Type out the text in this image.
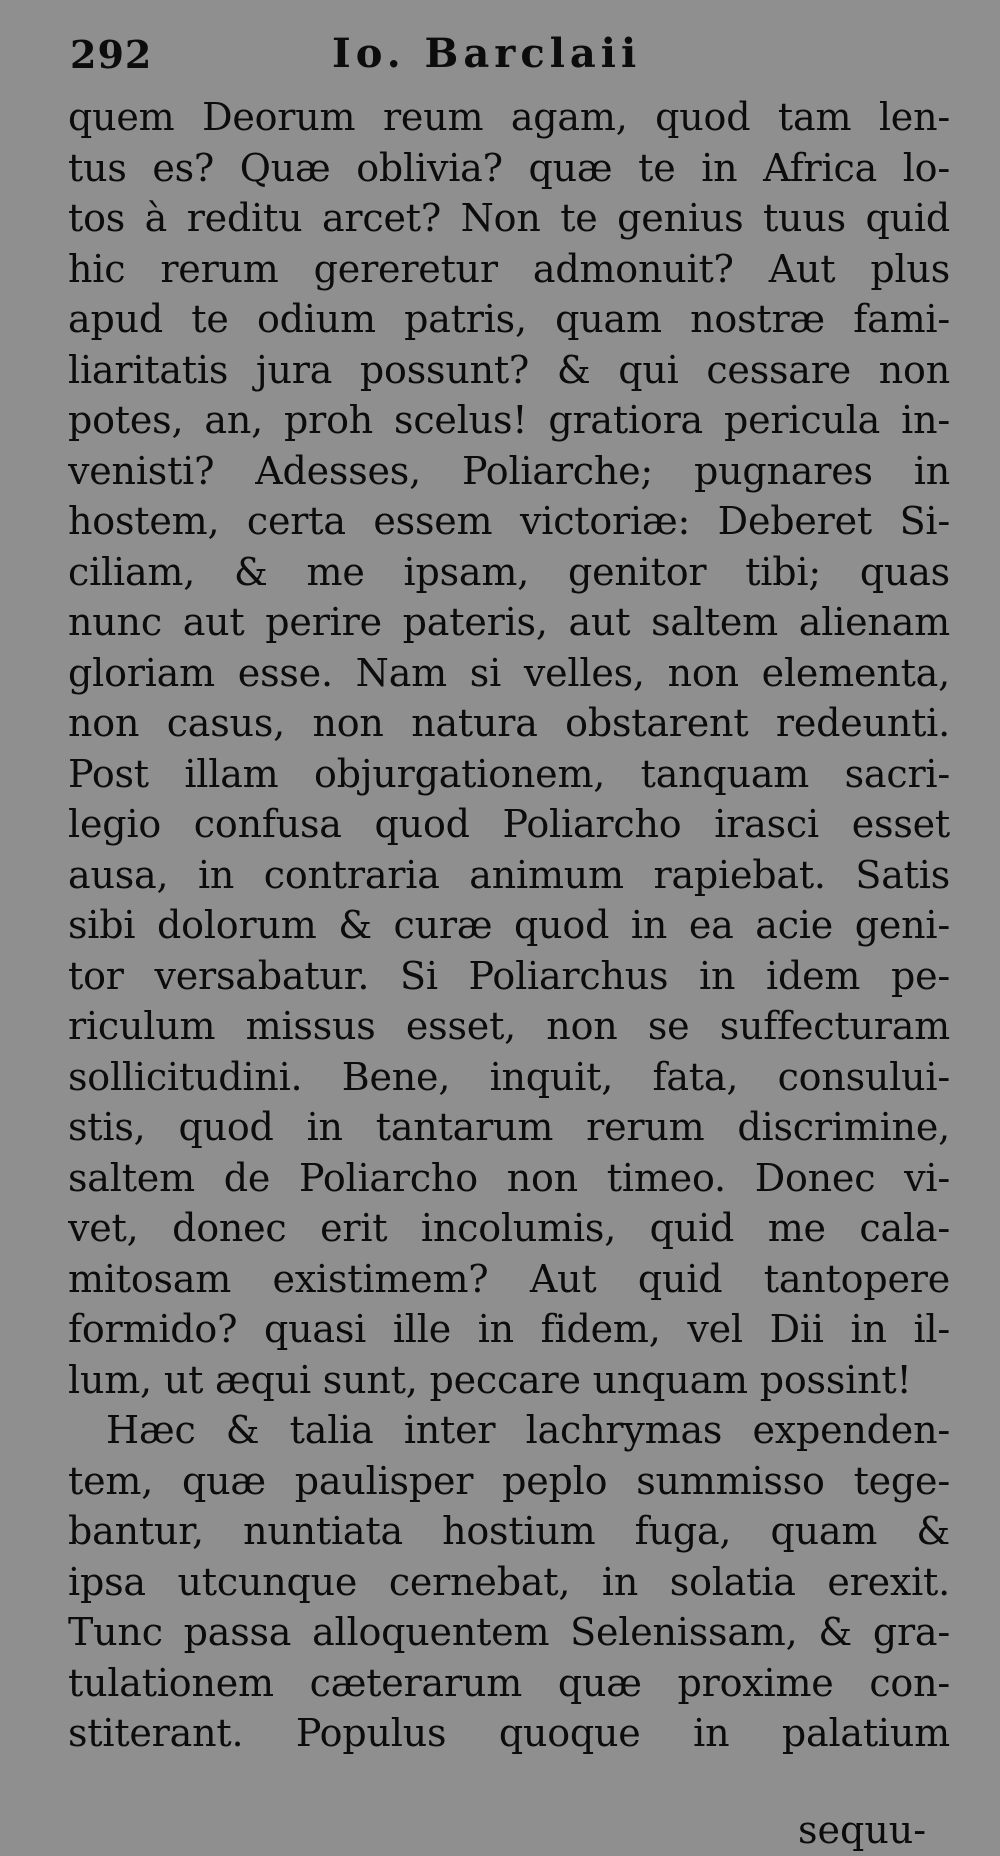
292	Io. Barclaii
quem Deorum reum agam, quod tam len-
tus es? Quæ oblivia? quæ te in Africa lo-
tos à reditu arcet? Non te genius tuus quid
hic rerum gereretur admonuit? Aut plus
apud te odium patris, quam nostræ fami-
liaritatis jura possunt? & qui cessare non
potes, an, proh scelus! gratiora pericula in-
venisti? Adesses, Poliarche; pugnares in
hostem, certa essem victoriæ: Deberet Si-
ciliam, & me ipsam, genitor tibi; quas
nunc aut perire pateris, aut saltem alienam
gloriam esse. Nam si velles, non elementa,
non casus, non natura obstarent redeunti.
Post illam objurgationem, tanquam sacri-
legio confusa quod Poliarcho irasci esset
ausa, in contraria animum rapiebat. Satis
sibi dolorum & curæ quod in ea acie geni-
tor versabatur. Si Poliarchus in idem pe-
riculum missus esset, non se suffecturam
sollicitudini. Bene, inquit, fata, consului-
stis, quod in tantarum rerum discrimine,
saltem de Poliarcho non timeo. Donec vi-
vet, donec erit incolumis, quid me cala-
mitosam existimem? Aut quid tantopere
formido? quasi ille in fidem, vel Dii in il-
lum, ut æqui sunt, peccare unquam possint!
Hæc & talia inter lachrymas expenden-
tem, quæ paulisper peplo summisso tege-
bantur, nuntiata hostium fuga, quam &
ipsa utcunque cernebat, in solatia erexit.
Tunc passa alloquentem Selenissam, & gra-
tulationem cæterarum quæ proxime con-
stiterant. Populus quoque in palatium
sequu-
